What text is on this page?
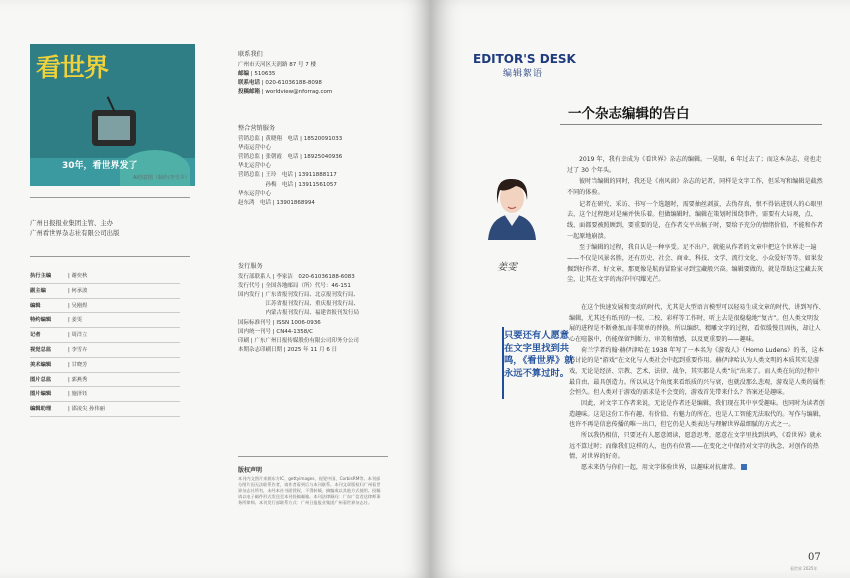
看世界
30年，看世界发了
AI创意图（制作/李雪卉）
广州日报报业集团主管、主办
广州看世界杂志社有限公司出版
执行主编	| 谢奕秋
副主编	| 何承波
编辑	| 吴刚煜
特约编辑	| 姜雯
记者	| 周洋立
视觉总监	| 李雪卉
美术编辑	| 甘晓芳
图片总监	| 郭燕秀
图片编辑	| 施泽钰
编辑助理	| 邵凌尖 孙伟丽
联系我们
广州市天河区天润路 87 号 7 楼
邮编 | 510635
联系电话 | 020-61036188-8098
投稿邮箱 | worldview@nforrag.com
整合营销服务
营销总监 | 黄晓翔　电话 | 18520091033
华南运营中心
营销总监 | 张朝霞　电话 | 18925040936
华北运营中心
营销总监 | 王玲　电话 | 13911888117
　　　　　孙梅　电话 | 13911561057
华东运营中心
赵东鸿　电话 | 13901868994
发行服务
发行部联系人 | 李家洁　020-61036188-6083
发行代号 | 全国各地邮局（所）代号：46-151
国内发行 | 广东省报刊发行局、北京报刊发行局、
　　　　　江苏省报刊发行局、重庆报刊发行局、
　　　　　内蒙古报刊发行局、福建省报刊发行局
国际标准刊号 | ISSN 1006-0936
国内统一刊号 | CN44-1358/C
印刷 | 广东广州日报传媒股份有限公司印务分公司
本期杂志印刷日期 | 2025 年 11 月 6 日
版权声明

本刊内文图片来源东方IC、gettyimages、视觉中国、CorbisRM等。本刊部分图片因无法联系作者，请作者看到后与本刊联系。本刊文章版权归广州看世界杂志社所有，未经本社书面授权，不得转载、摘编或以其他方式使用。投稿请以电子邮件形式发送至本刊投稿邮箱。本刊法律顾问：广东广信君达律师事务所律师。本刊发行部联系方式：广州日报报业集团广州看世界杂志社。

EDITOR'S DESK
编辑絮语
一个杂志编辑的告白
姜雯

2019 年，我有幸成为《看世界》杂志的编辑。一晃眼，6 年过去了；而这本杂志，竟也走过了 30 个年头。

彼时当编辑的同时，我还是《南风窗》杂志的记者，同样是文字工作，但采写和编辑是截然不同的体验。

记者在研究、采访、书写一个选题时，需要抽丝剥茧，去伪存真，恨不得钻进别人的心眼里去，这个过程绝对是痛并快乐着。但做编辑时，编辑在策划时围绕事件，需要有大局观，点、线、面都要被照顾到，要重要的是，在作者交平出稿子时，要给予充分的情绪价值，不能和作者一起原地崩溃。

至于编辑的过程，我自认是一种享受。足不出户，就能从作者的文章中把这个世界走一遍——不仅是风景名胜，还有历史、社会、商业、科技、文学、流行文化、小众爱好等等。如果发掘到好作者、好文章，那更像是航海冒险家寻到宝藏般兴奋。编辑要做的，就是帮助这宝藏去灰尘，让其在文字的海洋中闪耀光芒。

只要还有人愿意在文字里找到共鸣，《看世界》就永远不算过时。

在这个快速发展和变动的时代，尤其是大型语言模型可以轻易生成文章的时代，讲到写作、编辑，尤其还有纸刊的一校、二校、彩样等工作时，听上去是很稳稳地“复古”。但人类文明发展的进程是不断叠加,而非简单的替换。所以编织、精雕文字的过程，看似缓慢且固执，却让人心在喧嚣中，仍能保留判断力、审美和情感，以及更重要的——趣味。

荷兰学者约翰·赫伊津哈在 1938 年写了一本名为《游戏人》（Homo Ludens）的书，这本书讨论的是“游戏”在文化与人类社会中起到重要作用。赫伊津哈认为人类文明的本质其实是游戏，无论是经济、宗教、艺术、法律、战争，其实都是人类“玩”出来了。而人类在玩的过程中最自由、最具创造力。所以从这个角度来看纸质的兴与衰，也就没那么悲观，游戏是人类的属性会恒久。但人类对于游戏的需求是不会变的，游戏首先带来什么？答案还是趣味。

因此，对文字工作者来说，无论是作者还是编辑，我们现在其中享受趣味。也同时为读者创造趣味。这是这份工作有趣、有价值、有魅力的所在，也是人工智能无法取代的。写作与编辑，也许不再是信息传播的唯一出口，但它仍是人类表达与理解世界最细腻的方式之一。

所以我仍相信，只要还有人愿意阅读，愿意思考，愿意在文字里找到共鸣，《看世界》就永远不算过时；而像我们这样的人，也仍有位置——在变化之中保持对文字的执念、对创作的热情、对世界的好奇。

愿未来仍与你们一起，用文字体验世界，以趣味对抗庸常。

07
看世界 2025年
